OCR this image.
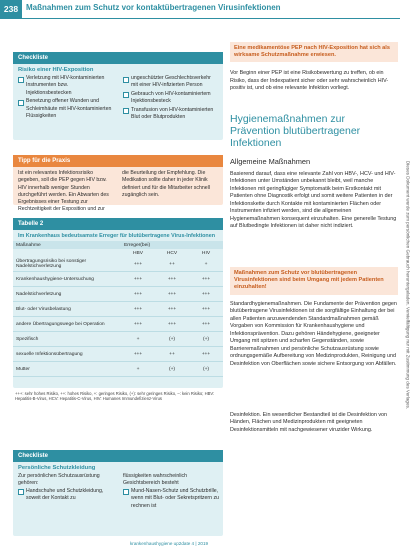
238 Maßnahmen zum Schutz vor kontaktübertragenen Virusinfektionen
Dieses Dokument wurde zum persönlichen Gebrauch heruntergeladen. Vervielfältigung nur mit Zustimmung des Verlages.
Checkliste
Risiko einer HIV-Exposition
Verletzung mit HIV-kontaminierten Instrumenten bzw. Injektionsbestecken
Benetzung offener Wunden und Schleimhäute mit HIV-kontaminierten Flüssigkeiten
ungeschützter Geschlechtsverkehr mit einer HIV-infizierten Person
Gebrauch von HIV-kontaminiertem Injektionsbesteck
Transfusion von HIV-kontaminierten Blut oder Blutprodukten
Tipp für die Praxis

Ist ein relevantes Infektionsrisiko gegeben, soll die PEP gegen HIV bzw. HIV innerhalb weniger Stunden durchgeführt werden. Ein Abwarten des Ergebnisses einer Testung zur Rechtzeitigkeit der Exposition und zur

die Beurteilung der Empfehlung. Die Medikation sollte daher in jeder Klinik definiert und für die Mitarbeiter schnell zugänglich sein.

Tabelle 2
Im Krankenhaus bedeutsamste Erreger für blutübertragene Virus-Infektionen
Maßnahme	Erreger(bei)		
	HBV	HCV	HIV
Übertragungsrisiko bei sonstiger Nadelstichverletzung	+++	++	+
Krankenhaushygiene-Untersuchung	+++	+++	+++
Nadelstichverletzung	+++	+++	+++
Blut- oder Virusbelastung	+++	+++	+++
andere Übertragungswege bei Operation	+++	+++	+++
Spezifisch	+	(+)	(+)
sexuelle Infektionsübertragung	+++	++	+++
Mutter	+	(+)	(+)
+++: sehr hohes Risiko, ++: hohes Risiko, +: geringes Risiko, (+): sehr geringes Risiko, –: kein Risiko; HBV: Hepatitis-B-Virus, HCV: Hepatitis-C-Virus, HIV: Humanes Immundefizienz-Virus
Checkliste
Persönliche Schutzkleidung
Zur persönlichen Schutzausrüstung gehören:
Handschuhe und Schutzkleidung, soweit der Kontakt zu
flüssigkeiten wahrscheinlich Gesichtsbereich besteht
Mund-Nasen-Schutz und Schutzbrille, wenn mit Blut- oder Sekretspritzern zu rechnen ist
Eine medikamentöse PEP nach HIV-Exposition hat sich als wirksame Schutzmaßnahme erwiesen.

Vor Beginn einer PEP ist eine Risikobewertung zu treffen, ob ein Risiko, dass der Indexpatient sicher oder sehr wahrscheinlich HIV-positiv ist, und ob eine relevante Infektion vorliegt.

Hygienemaßnahmen zur Prävention blutübertragener Infektionen
Allgemeine Maßnahmen

Basierend darauf, dass eine relevante Zahl von HBV-, HCV- und HIV-Infektionen unter Umständen unbekannt bleibt, weil manche Infektionen mit geringfügiger Symptomatik beim Erstkontakt mit Patienten ohne Diagnostik erfolgt und somit weitere Patienten in der Infektionskette durch Kontakte mit kontaminierten Flächen oder Instrumenten infiziert werden, sind die allgemeinen Hygienemaßnahmen konsequent einzuhalten. Eine generelle Testung auf Blutbedingte Infektionen ist daher nicht indiziert.

Maßnahmen zum Schutz vor blutübertragenen Virusinfektionen sind beim Umgang mit jedem Patienten einzuhalten!

Standardhygienemaßnahmen. Die Fundamente der Prävention gegen blutübertragene Virusinfektionen ist die sorgfältige Einhaltung der bei allen Patienten anzuwendenden Standardmaßnahmen gemäß Vorgaben von Kommission für Krankenhaushygiene und Infektionsprävention. Dazu gehören Händehygiene, geeigneter Umgang mit spitzen und scharfen Gegenständen, sowie Barrieremaßnahmen und persönliche Schutzausrüstung sowie ordnungsgemäße Aufbereitung von Medizinprodukten, Reinigung und Desinfektion von Oberflächen sowie sichere Entsorgung von Abfällen.

Desinfektion. Ein wesentlicher Bestandteil ist die Desinfektion von Händen, Flächen und Medizinprodukten mit geeigneten Desinfektionsmitteln mit nachgewiesener viruzider Wirkung.

krankenhaushygiene up2date 4 | 2019
